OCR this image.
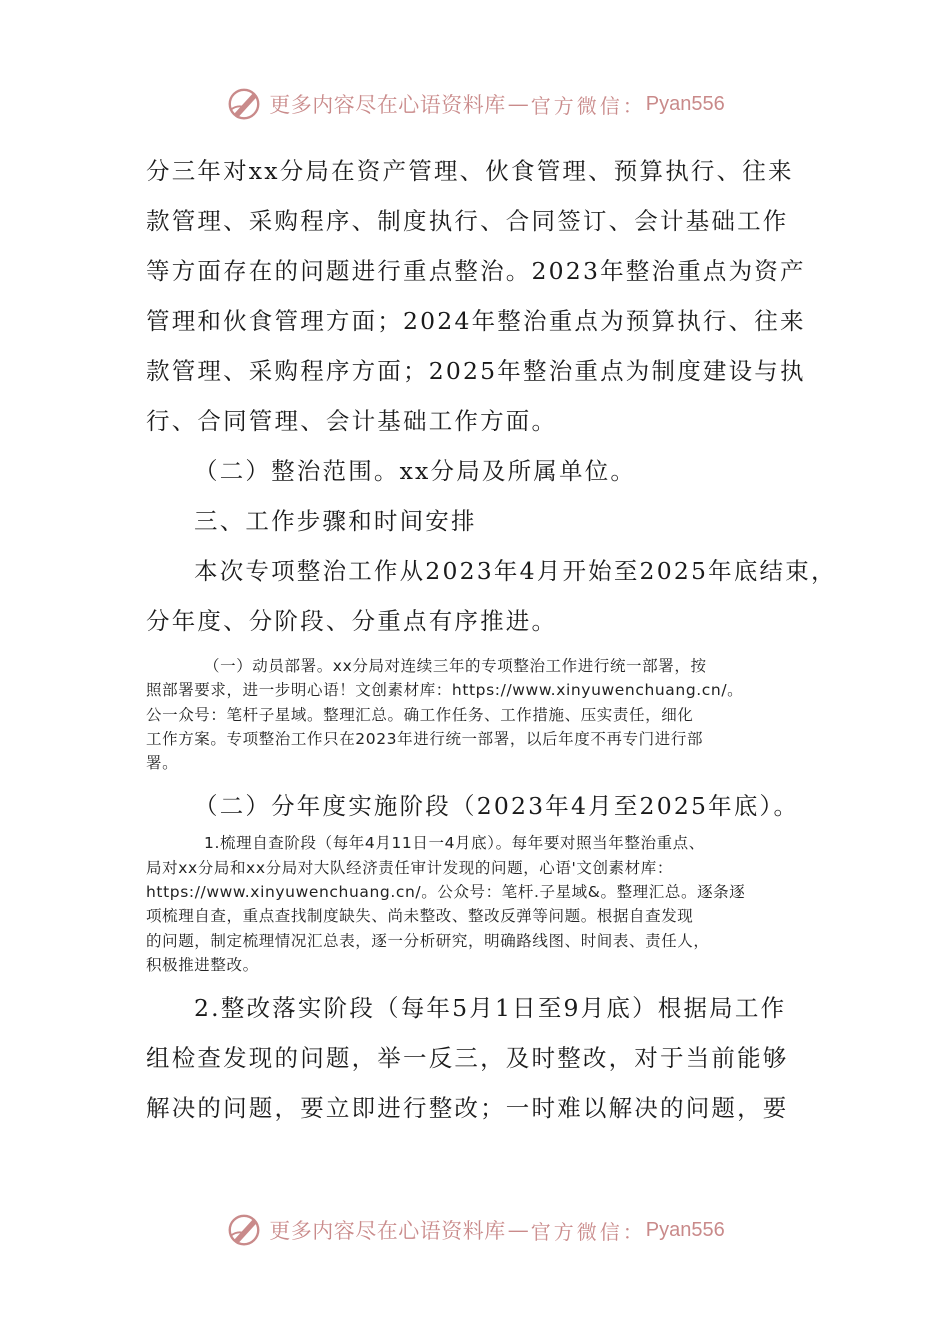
更多内容尽在心语资料库 — 官方微信： Pyan556

分三年对xx分局在资产管理、伙食管理、预算执行、往来

款管理、采购程序、制度执行、合同签订、会计基础工作

等方面存在的问题进行重点整治。2023年整治重点为资产

管理和伙食管理方面；2024年整治重点为预算执行、往来

款管理、采购程序方面；2025年整治重点为制度建设与执

行、合同管理、会计基础工作方面。

（二）整治范围。xx分局及所属单位。

三、工作步骤和时间安排

本次专项整治工作从2023年4月开始至2025年底结束，

分年度、分阶段、分重点有序推进。

（一）动员部署。xx分局对连续三年的专项整治工作进行统一部署，按

照部署要求，进一步明心语！文创素材库：https://www.xinyuwenchuang.cn/。

公一众号：笔杆子星域。整理汇总。确工作任务、工作措施、压实责任，细化

工作方案。专项整治工作只在2023年进行统一部署，以后年度不再专门进行部

署。

（二）分年度实施阶段（2023年4月至2025年底）。

1.梳理自查阶段（每年4月11日一4月底）。每年要对照当年整治重点、

局对xx分局和xx分局对大队经济责任审计发现的问题，心语'文创素材库：

https://www.xinyuwenchuang.cn/。公众号：笔杆.子星域&。整理汇总。逐条逐

项梳理自查，重点查找制度缺失、尚未整改、整改反弹等问题。根据自查发现

的问题，制定梳理情况汇总表，逐一分析研究，明确路线图、时间表、责任人，

积极推进整改。

2.整改落实阶段（每年5月1日至9月底）根据局工作

组检查发现的问题，举一反三，及时整改，对于当前能够

解决的问题，要立即进行整改；一时难以解决的问题，要

更多内容尽在心语资料库 — 官方微信： Pyan556
